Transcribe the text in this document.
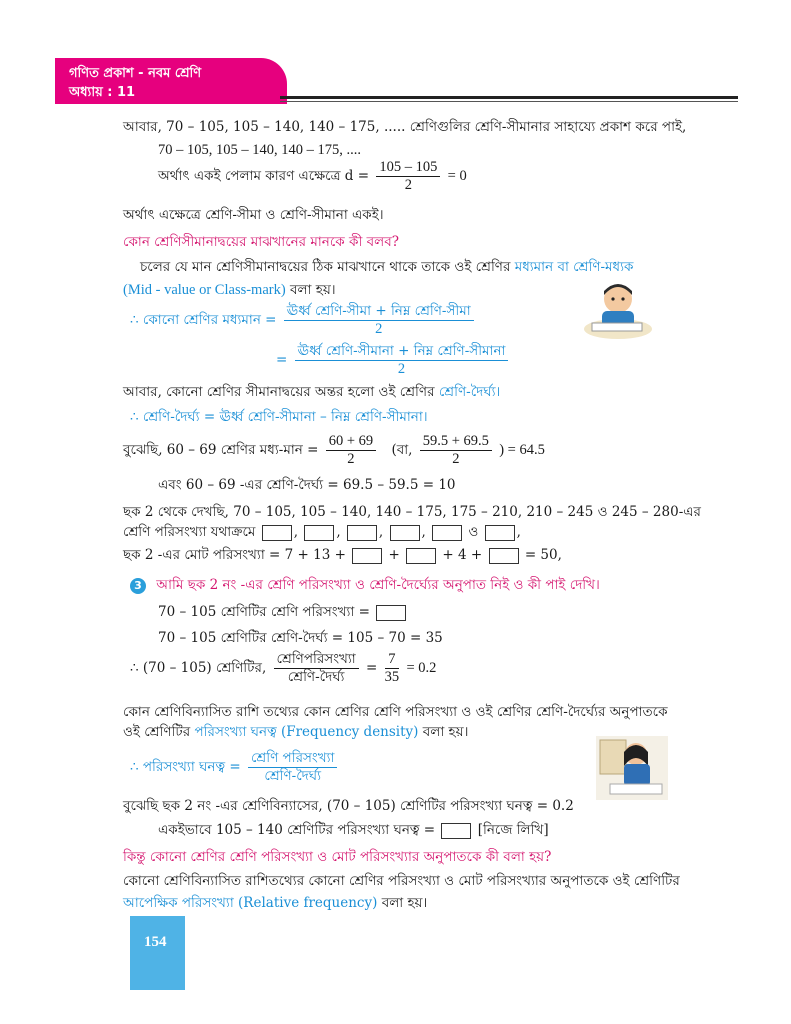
গণিত প্রকাশ - নবম শ্রেণি
অধ্যায় : 11
আবার, 70 – 105, 105 – 140, 140 – 175, ..... শ্রেণিগুলির শ্রেণি-সীমানার সাহায্যে প্রকাশ করে পাই,
70 – 105, 105 – 140, 140 – 175, ....
অর্থাৎ একই পেলাম কারণ এক্ষেত্রে $d = \frac{105 - 105}{2} = 0$
অর্থাৎ এক্ষেত্রে শ্রেণি-সীমা ও শ্রেণি-সীমানা একই।
কোন শ্রেণিসীমানাদ্বয়ের মাঝখানের মানকে কী বলব?
চলের যে মান শ্রেণিসীমানাদ্বয়ের ঠিক মাঝখানে থাকে তাকে ওই শ্রেণির মধ্যমান বা শ্রেণি-মধ্যক
(Mid - value or Class-mark) বলা হয়।
∴ কোনো শ্রেণির মধ্যমান = $\frac{\text{ঊর্ধ্ব শ্রেণি-সীমা + নিম্ন শ্রেণি-সীমা}}{2}$
= $\frac{\text{ঊর্ধ্ব শ্রেণি-সীমানা + নিম্ন শ্রেণি-সীমানা}}{2}$
আবার, কোনো শ্রেণির সীমানাদ্বয়ের অন্তর হলো ওই শ্রেণির শ্রেণি-দৈর্ঘ্য।
∴ শ্রেণি-দৈর্ঘ্য = ঊর্ধ্ব শ্রেণি-সীমানা – নিম্ন শ্রেণি-সীমানা।
বুঝেছি, 60 – 69 শ্রেণির মধ্য-মান = $\frac{60 + 69}{2}$ (বা, $\frac{59.5 + 69.5}{2}$ ) = 64.5
এবং 60 – 69 -এর শ্রেণি-দৈর্ঘ্য = 69.5 – 59.5 = 10
ছক 2 থেকে দেখছি, 70 – 105, 105 – 140, 140 – 175, 175 – 210, 210 – 245 ও 245 – 280-এর
শ্রেণি পরিসংখ্যা যথাক্রমে	,	,	,	,	ও	,
ছক 2 -এর মোট পরিসংখ্যা = 7 + 13 +	+	+ 4 +	= 50,
3 আমি ছক 2 নং -এর শ্রেণি পরিসংখ্যা ও শ্রেণি-দৈর্ঘ্যের অনুপাত নিই ও কী পাই দেখি।
70 – 105 শ্রেণিটির শ্রেণি পরিসংখ্যা =
70 – 105 শ্রেণিটির শ্রেণি-দৈর্ঘ্য = 105 – 70 = 35
∴ (70 – 105) শ্রেণিটির, $\frac{\text{শ্রেণিপরিসংখ্যা}}{\text{শ্রেণি-দৈর্ঘ্য}} = \frac{7}{35} = 0.2$
কোন শ্রেণিবিন্যাসিত রাশি তথ্যের কোন শ্রেণির শ্রেণি পরিসংখ্যা ও ওই শ্রেণির শ্রেণি-দৈর্ঘ্যের অনুপাতকে
ওই শ্রেণিটির পরিসংখ্যা ঘনত্ব (Frequency density) বলা হয়।
∴ পরিসংখ্যা ঘনত্ব = $\frac{\text{শ্রেণি পরিসংখ্যা}}{\text{শ্রেণি-দৈর্ঘ্য}}$
বুঝেছি ছক 2 নং -এর শ্রেণিবিন্যাসের, (70 – 105) শ্রেণিটির পরিসংখ্যা ঘনত্ব = 0.2
একইভাবে 105 – 140 শ্রেণিটির পরিসংখ্যা ঘনত্ব =	[নিজে লিখি]
কিন্তু কোনো শ্রেণির শ্রেণি পরিসংখ্যা ও মোট পরিসংখ্যার অনুপাতকে কী বলা হয়?
কোনো শ্রেণিবিন্যাসিত রাশিতথ্যের কোনো শ্রেণির পরিসংখ্যা ও মোট পরিসংখ্যার অনুপাতকে ওই শ্রেণিটির
আপেক্ষিক পরিসংখ্যা (Relative frequency) বলা হয়।
154
